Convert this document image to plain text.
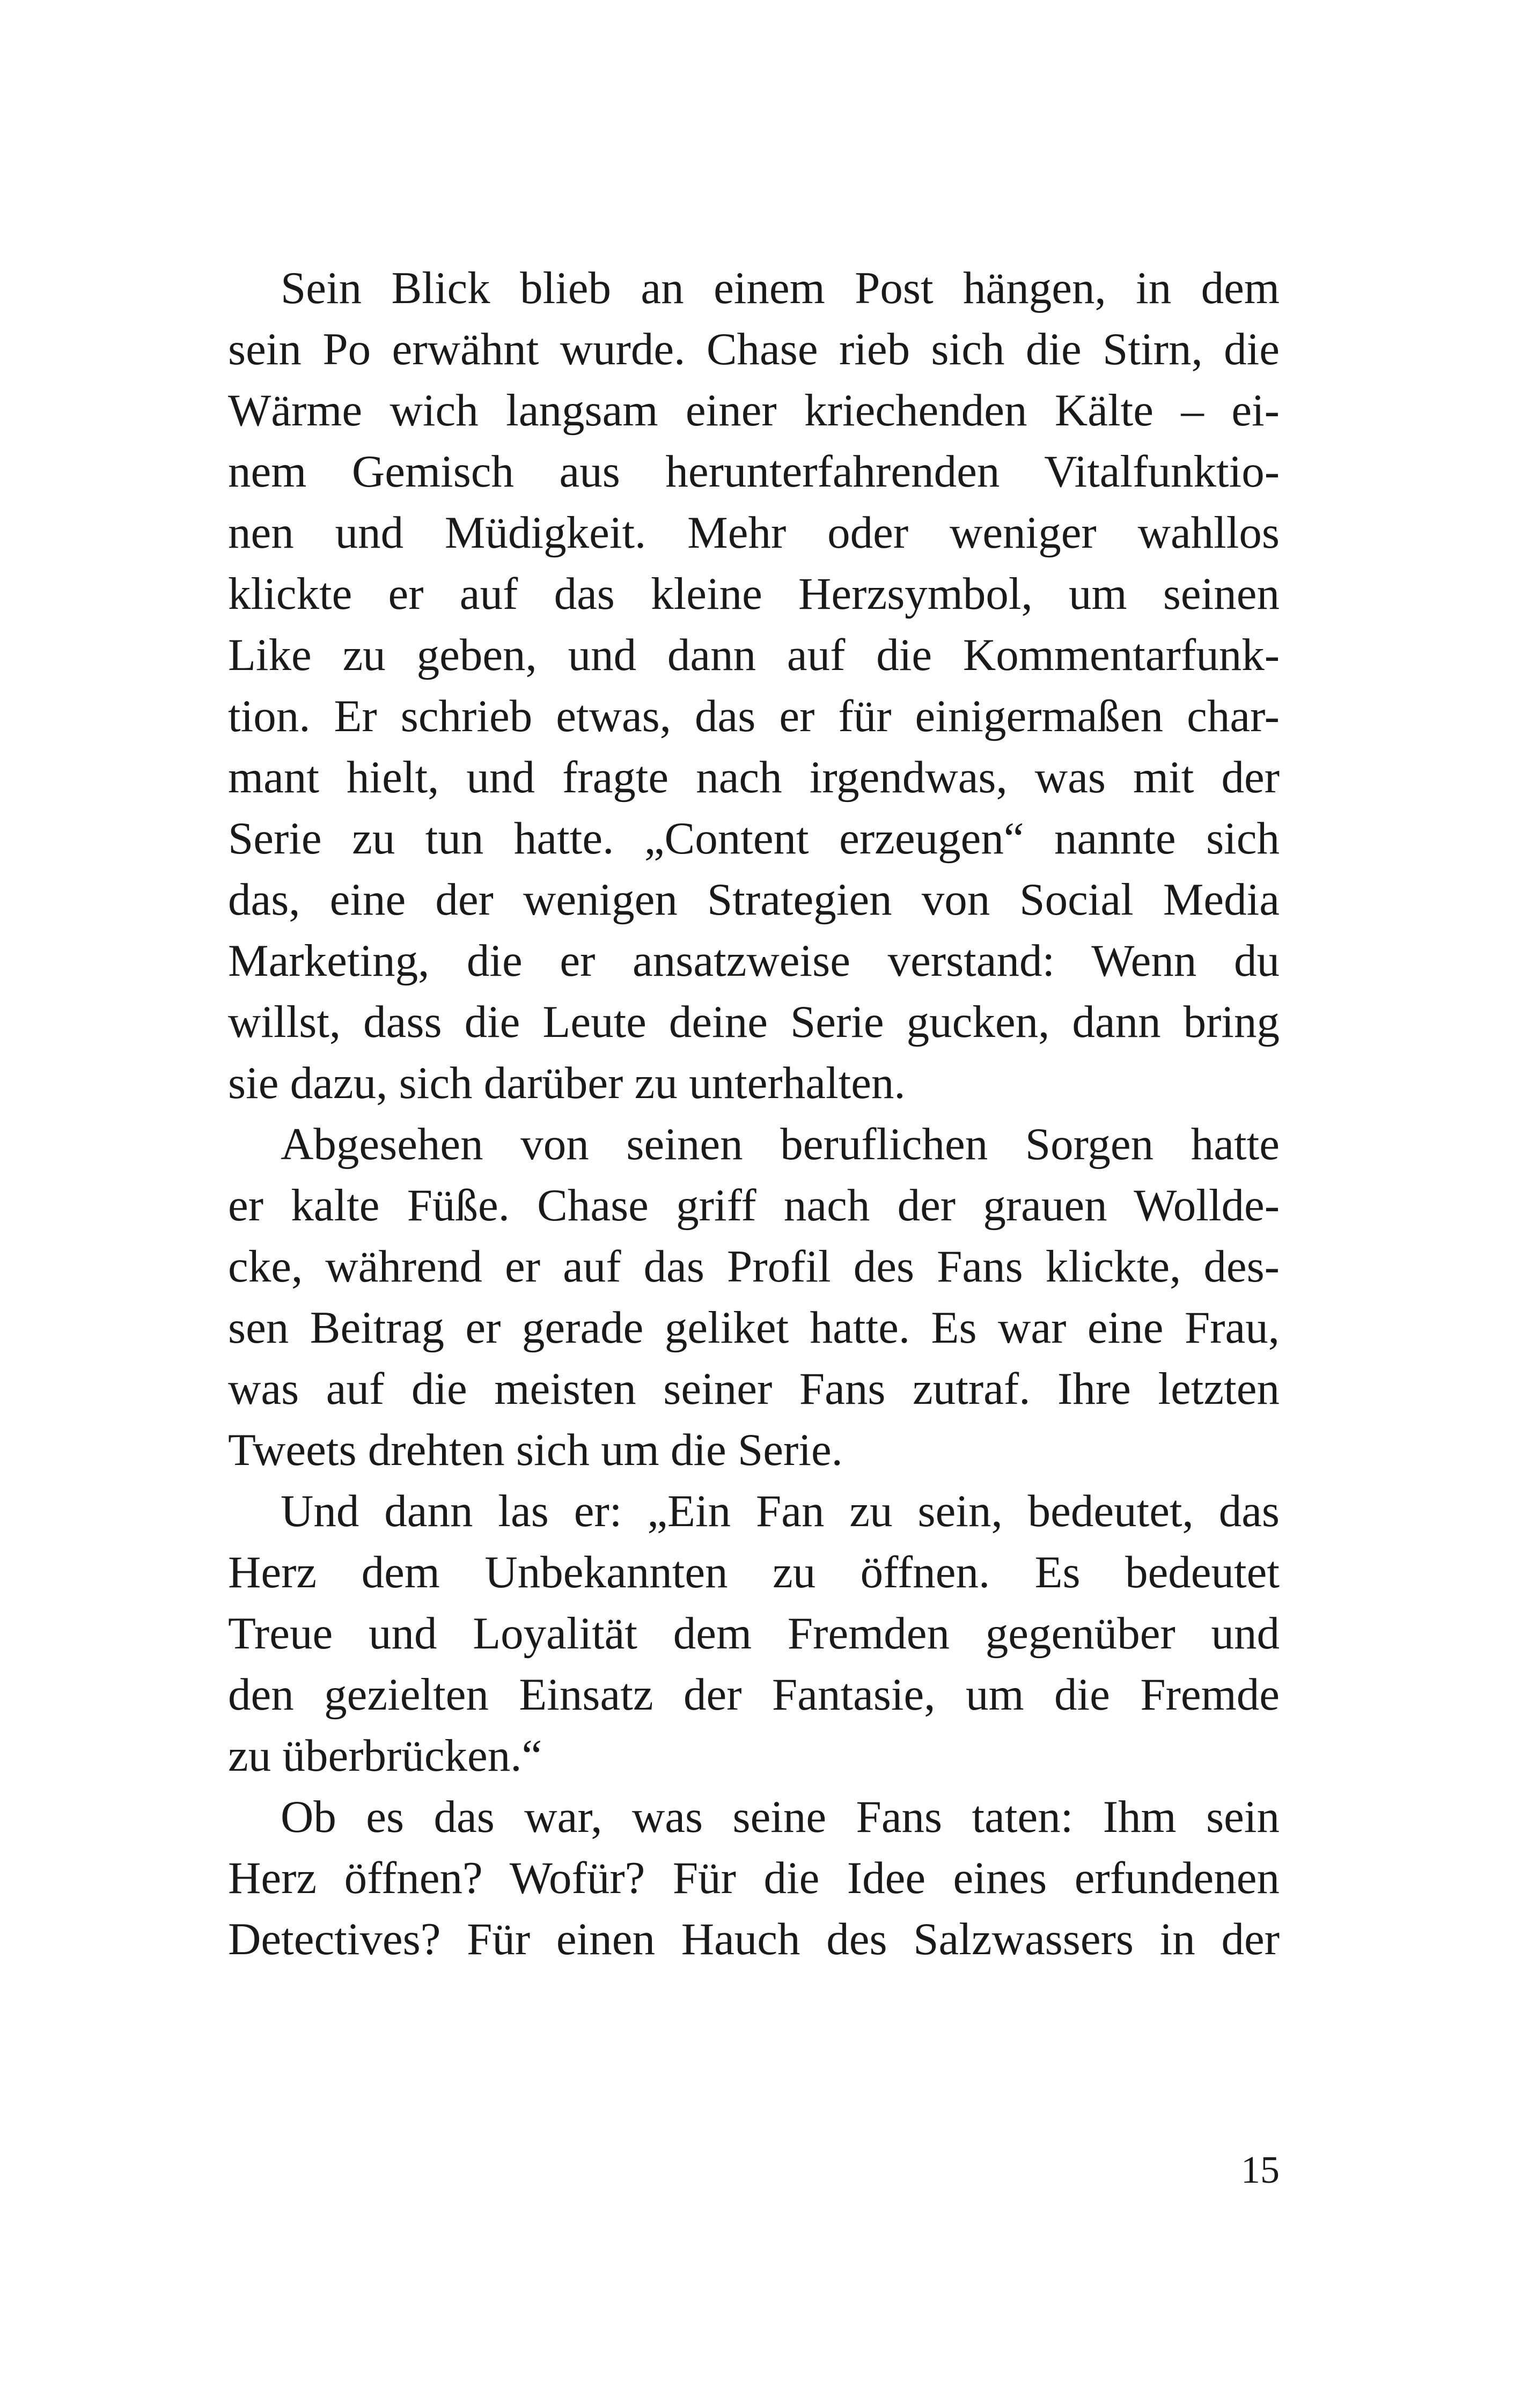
Sein Blick blieb an einem Post hängen, in dem
sein Po erwähnt wurde. Chase rieb sich die Stirn, die
Wärme wich langsam einer kriechenden Kälte – ei-
nem Gemisch aus herunterfahrenden Vitalfunktio-
nen und Müdigkeit. Mehr oder weniger wahllos
klickte er auf das kleine Herzsymbol, um seinen
Like zu geben, und dann auf die Kommentarfunk-
tion. Er schrieb etwas, das er für einigermaßen char-
mant hielt, und fragte nach irgendwas, was mit der
Serie zu tun hatte. „Content erzeugen“ nannte sich
das, eine der wenigen Strategien von Social Media
Marketing, die er ansatzweise verstand: Wenn du
willst, dass die Leute deine Serie gucken, dann bring
sie dazu, sich darüber zu unterhalten.
Abgesehen von seinen beruflichen Sorgen hatte
er kalte Füße. Chase griff nach der grauen Wollde-
cke, während er auf das Profil des Fans klickte, des-
sen Beitrag er gerade geliket hatte. Es war eine Frau,
was auf die meisten seiner Fans zutraf. Ihre letzten
Tweets drehten sich um die Serie.
Und dann las er: „Ein Fan zu sein, bedeutet, das
Herz dem Unbekannten zu öffnen. Es bedeutet
Treue und Loyalität dem Fremden gegenüber und
den gezielten Einsatz der Fantasie, um die Fremde
zu überbrücken.“
Ob es das war, was seine Fans taten: Ihm sein
Herz öffnen? Wofür? Für die Idee eines erfundenen
Detectives? Für einen Hauch des Salzwassers in der
15
